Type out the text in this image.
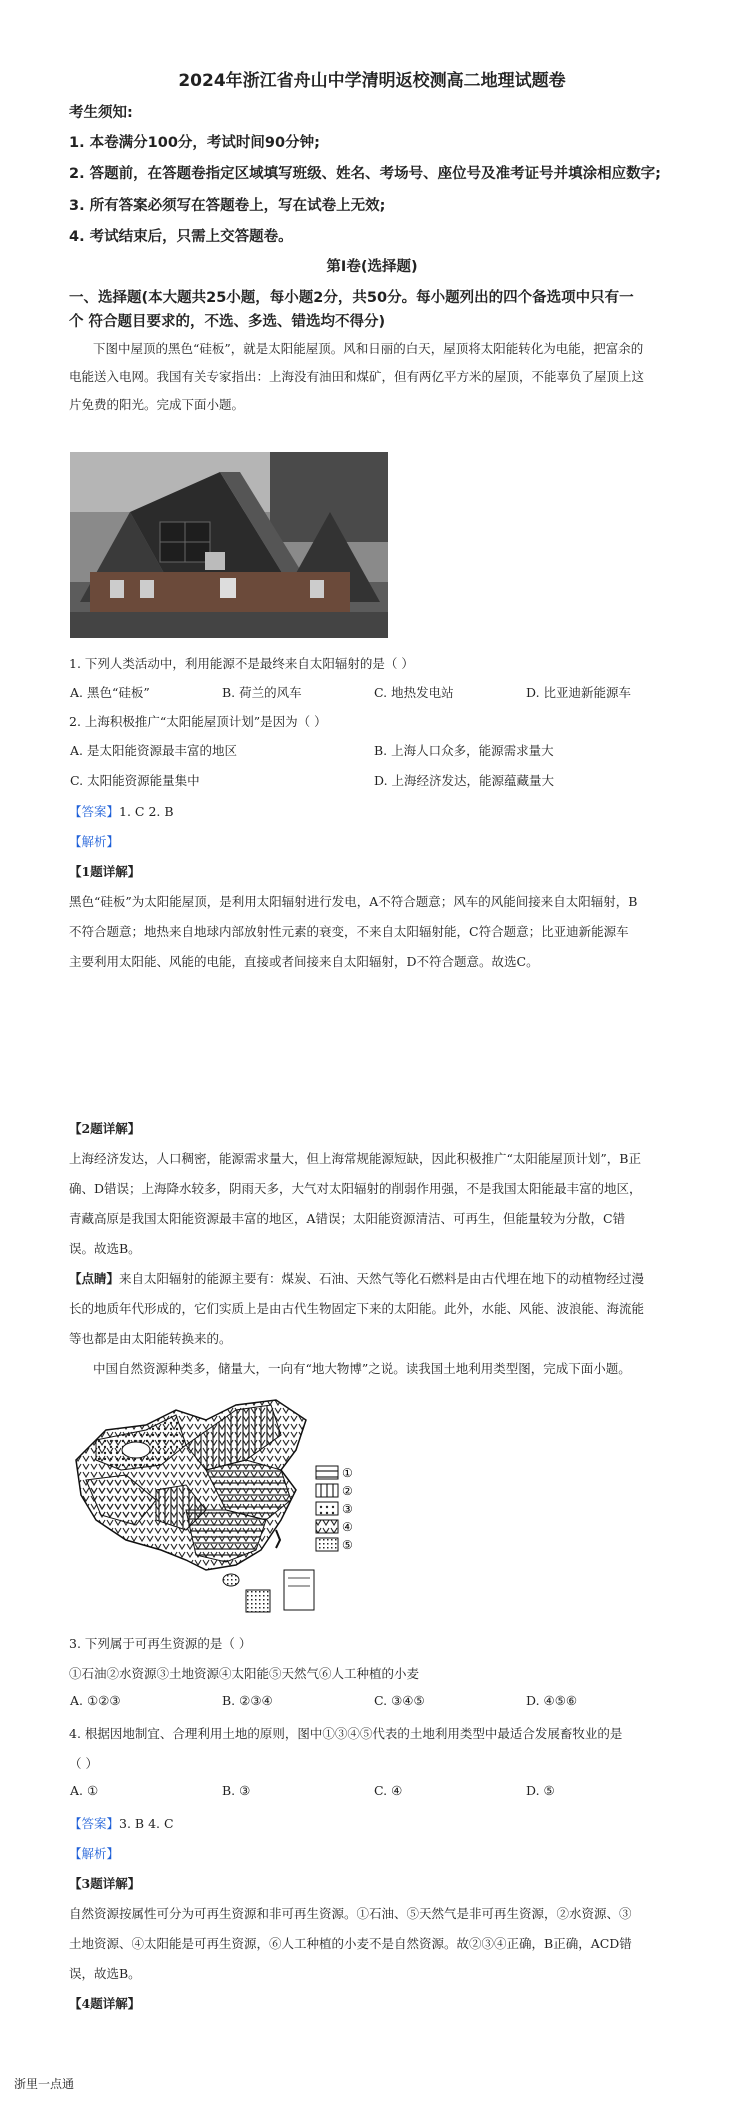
2024年浙江省舟山中学清明返校测高二地理试题卷
考生须知:
1. 本卷满分100分，考试时间90分钟;
2. 答题前，在答题卷指定区域填写班级、姓名、考场号、座位号及准考证号并填涂相应数字;
3. 所有答案必须写在答题卷上，写在试卷上无效;
4. 考试结束后，只需上交答题卷。
第Ⅰ卷(选择题)
一、选择题(本大题共25小题，每小题2分，共50分。每小题列出的四个备选项中只有一
个 符合题目要求的，不选、多选、错选均不得分)
下图中屋顶的黑色“硅板”，就是太阳能屋顶。风和日丽的白天，屋顶将太阳能转化为电能，把富余的
电能送入电网。我国有关专家指出：上海没有油田和煤矿，但有两亿平方米的屋顶，不能辜负了屋顶上这
片免费的阳光。完成下面小题。
1. 下列人类活动中，利用能源不是最终来自太阳辐射的是（ ）
A. 黑色“硅板”	B. 荷兰的风车	C. 地热发电站	D. 比亚迪新能源车
2. 上海积极推广“太阳能屋顶计划”是因为（ ）
A. 是太阳能资源最丰富的地区	B. 上海人口众多，能源需求量大
C. 太阳能资源能量集中	D. 上海经济发达，能源蕴藏量大
【答案】1. C 2. B
【解析】
【1题详解】
黑色“硅板”为太阳能屋顶，是利用太阳辐射进行发电，A不符合题意；风车的风能间接来自太阳辐射，B
不符合题意；地热来自地球内部放射性元素的衰变，不来自太阳辐射能，C符合题意；比亚迪新能源车
主要利用太阳能、风能的电能，直接或者间接来自太阳辐射，D不符合题意。故选C。
【2题详解】
上海经济发达，人口稠密，能源需求量大，但上海常规能源短缺，因此积极推广“太阳能屋顶计划”，B正
确、D错误；上海降水较多，阴雨天多，大气对太阳辐射的削弱作用强，不是我国太阳能最丰富的地区，
青藏高原是我国太阳能资源最丰富的地区，A错误；太阳能资源清洁、可再生，但能量较为分散，C错
误。故选B。
【点睛】来自太阳辐射的能源主要有：煤炭、石油、天然气等化石燃料是由古代埋在地下的动植物经过漫
长的地质年代形成的，它们实质上是由古代生物固定下来的太阳能。此外，水能、风能、波浪能、海流能
等也都是由太阳能转换来的。
中国自然资源种类多，储量大，一向有“地大物博”之说。读我国土地利用类型图，完成下面小题。
①
②
③
④
⑤
3. 下列属于可再生资源的是（ ）
①石油②水资源③土地资源④太阳能⑤天然气⑥人工种植的小麦
A. ①②③	B. ②③④	C. ③④⑤	D. ④⑤⑥
4. 根据因地制宜、合理利用土地的原则，图中①③④⑤代表的土地利用类型中最适合发展畜牧业的是
（ ）
A. ①	B. ③	C. ④	D. ⑤
【答案】3. B 4. C
【解析】
【3题详解】
自然资源按属性可分为可再生资源和非可再生资源。①石油、⑤天然气是非可再生资源，②水资源、③
土地资源、④太阳能是可再生资源，⑥人工种植的小麦不是自然资源。故②③④正确，B正确，ACD错
误，故选B。
【4题详解】
浙里一点通
